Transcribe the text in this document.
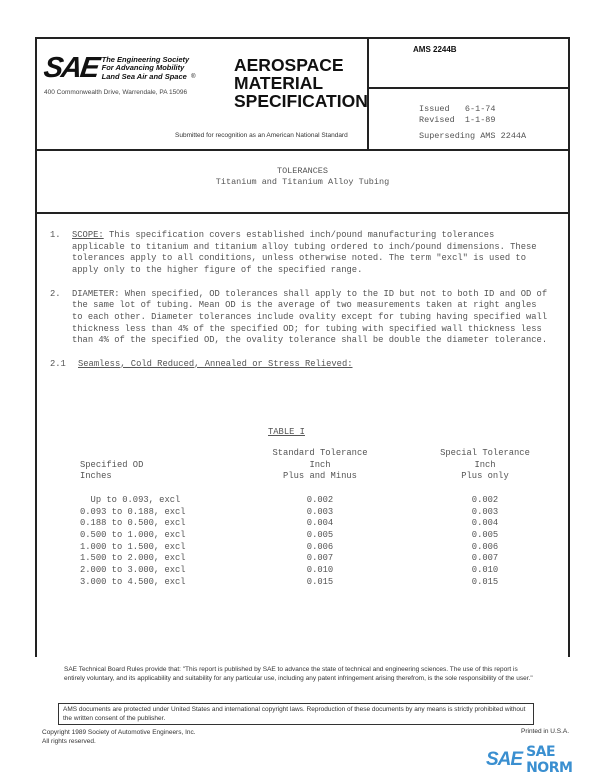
SAE The Engineering Society
For Advancing Mobility
Land Sea Air and Space ®
400 Commonwealth Drive, Warrendale, PA 15096
AEROSPACE
MATERIAL
SPECIFICATION
Submitted for recognition as an American National Standard
AMS 2244B
Issued   6-1-74
Revised  1-1-89
Superseding AMS 2244A
TOLERANCES
Titanium and Titanium Alloy Tubing
1.	SCOPE: This specification covers established inch/pound manufacturing tolerances applicable to titanium and titanium alloy tubing ordered to inch/pound dimensions. These tolerances apply to all conditions, unless otherwise noted. The term "excl" is used to apply only to the higher figure of the specified range.
2.	DIAMETER: When specified, OD tolerances shall apply to the ID but not to both ID and OD of the same lot of tubing. Mean OD is the average of two measurements taken at right angles to each other. Diameter tolerances include ovality except for tubing having specified wall thickness less than 4% of the specified OD; for tubing with specified wall thickness less than 4% of the specified OD, the ovality tolerance shall be double the diameter tolerance.
2.1	Seamless, Cold Reduced, Annealed or Stress Relieved:
TABLE I
	Standard Tolerance	Special Tolerance
Specified OD	Inch	Inch
Inches	Plus and Minus	Plus only

Up to 0.093, excl	0.002	0.002
0.093 to 0.188, excl	0.003	0.003
0.188 to 0.500, excl	0.004	0.004
0.500 to 1.000, excl	0.005	0.005
1.000 to 1.500, excl	0.006	0.006
1.500 to 2.000, excl	0.007	0.007
2.000 to 3.000, excl	0.010	0.010
3.000 to 4.500, excl	0.015	0.015
SAE Technical Board Rules provide that: "This report is published by SAE to advance the state of technical and engineering sciences. The use of this report is entirely voluntary, and its applicability and suitability for any particular use, including any patent infringement arising therefrom, is the sole responsibility of the user."
AMS documents are protected under United States and international copyright laws. Reproduction of these documents by any means is strictly prohibited without the written consent of the publisher.
Copyright 1989 Society of Automotive Engineers, Inc.
All rights reserved.
Printed in U.S.A.
SAE SAE NORM
